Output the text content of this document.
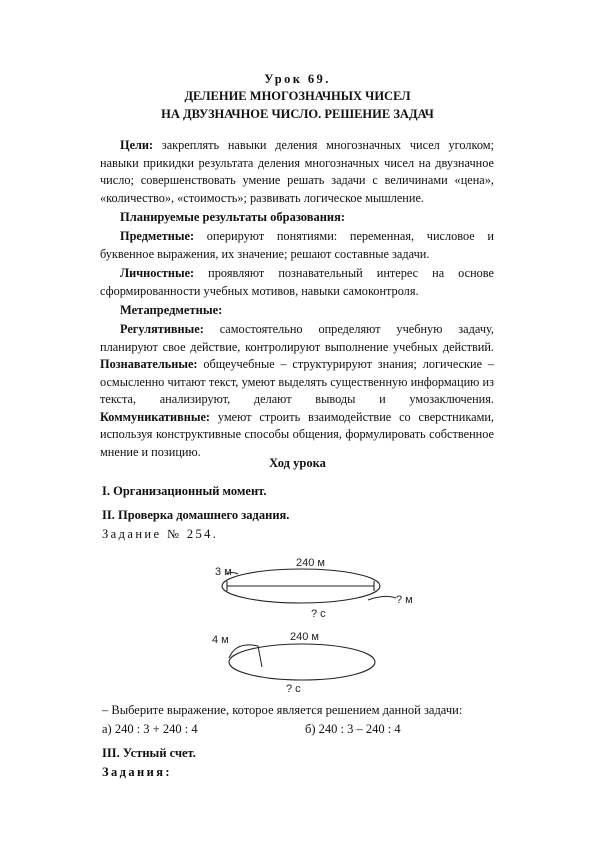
Урок 69.
ДЕЛЕНИЕ МНОГОЗНАЧНЫХ ЧИСЕЛ
НА ДВУЗНАЧНОЕ ЧИСЛО. РЕШЕНИЕ ЗАДАЧ

Цели: закреплять навыки деления многозначных чисел уголком; навыки прикидки результата деления многозначных чисел на двузначное число; совершенствовать умение решать задачи с величинами «цена», «количество», «стоимость»; развивать логическое мышление.

Планируемые результаты образования:

Предметные: оперируют понятиями: переменная, числовое и буквенное выражения, их значение; решают составные задачи.

Личностные: проявляют познавательный интерес на основе сформированности учебных мотивов, навыки самоконтроля.

Метапредметные:

Регулятивные: самостоятельно определяют учебную задачу, планируют свое действие, контролируют выполнение учебных действий. Познавательные: общеучебные – структурируют знания; логические – осмысленно читают текст, умеют выделять существенную информацию из текста, анализируют, делают выводы и умозаключения. Коммуникативные: умеют строить взаимодействие со сверстниками, используя конструктивные способы общения, формулировать собственное мнение и позицию.

Ход урока
I. Организационный момент.
II. Проверка домашнего задания.
Задание № 254.
240 м
3 м
? м
? с
240 м
4 м
? с
– Выберите выражение, которое является решением данной задачи:
а) 240 : 3 + 240 : 4	б) 240 : 3 – 240 : 4
III. Устный счет.
Задания:
